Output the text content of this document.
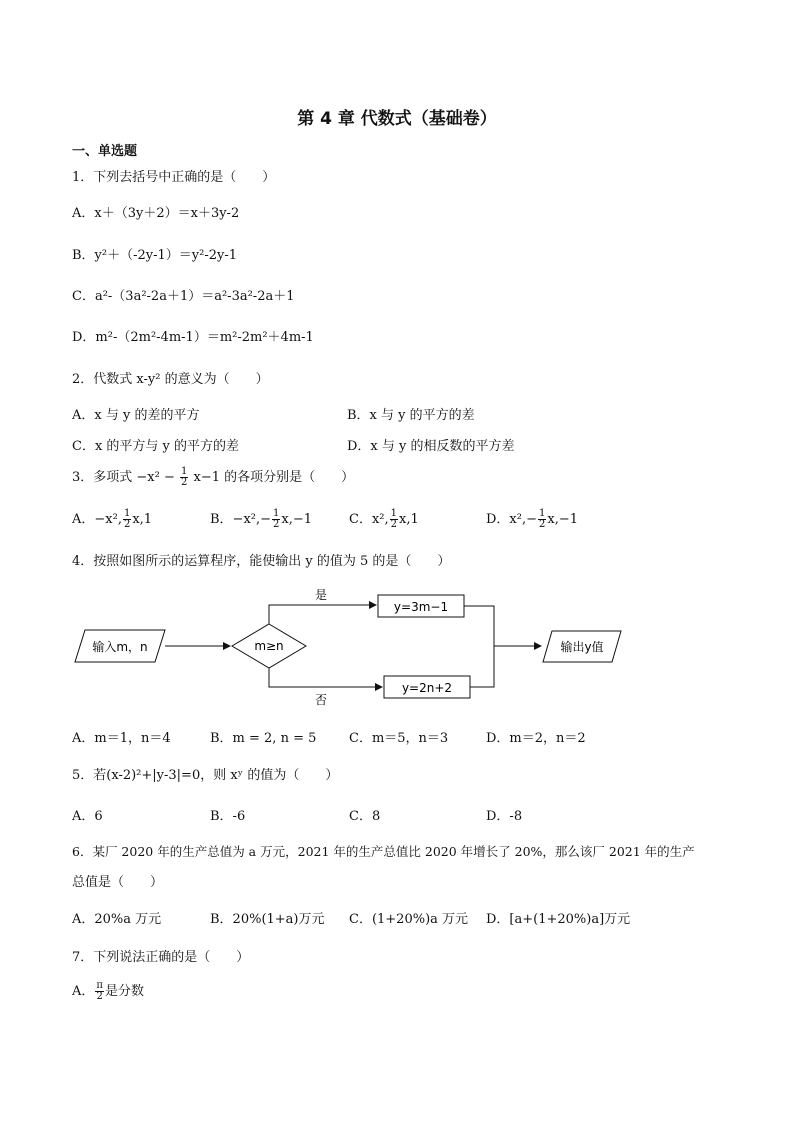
第 4 章 代数式（基础卷）
一、单选题
1．下列去括号中正确的是（　　）
A．x＋（3y＋2）＝x＋3y-2
B．y²＋（-2y-1）＝y²-2y-1
C．a²-（3a²-2a＋1）＝a²-3a²-2a＋1
D．m²-（2m²-4m-1）＝m²-2m²＋4m-1
2．代数式 x-y² 的意义为（　　）
A．x 与 y 的差的平方	B．x 与 y 的平方的差
C．x 的平方与 y 的平方的差	D．x 与 y 的相反数的平方差
3．多项式 $-x^2 - \frac{1}{2} x-1$ 的各项分别是（　　）
A．−x², $\frac{1}{2} x,1$	B．$-x^2,- \frac{1}{2} x,-1$	C．x², $\frac{1}{2} x,1$	D．$x^2,- \frac{1}{2} x,-1$
4．按照如图所示的运算程序，能使输出 y 的值为 5 的是（　　）
输入m，n	m≥n
是
y=3m−1
否
y=2n+2
输出y值
A．m＝1，n＝4	B．m = 2, n = 5	C．m＝5，n＝3	D．m＝2，n＝2
5．若(x-2)²+|y-3|=0，则 xʸ 的值为（　　）
A．6	B．-6	C．8	D．-8
6．某厂 2020 年的生产总值为 a 万元，2021 年的生产总值比 2020 年增长了 20%，那么该厂 2021 年的生产
总值是（　　）
A．20%a 万元	B．20%(1+a)万元 C．(1+20%)a 万元 D．[a+(1+20%)a]万元
7．下列说法正确的是（　　）
A． $\frac{\pi}{2}$ 是分数
